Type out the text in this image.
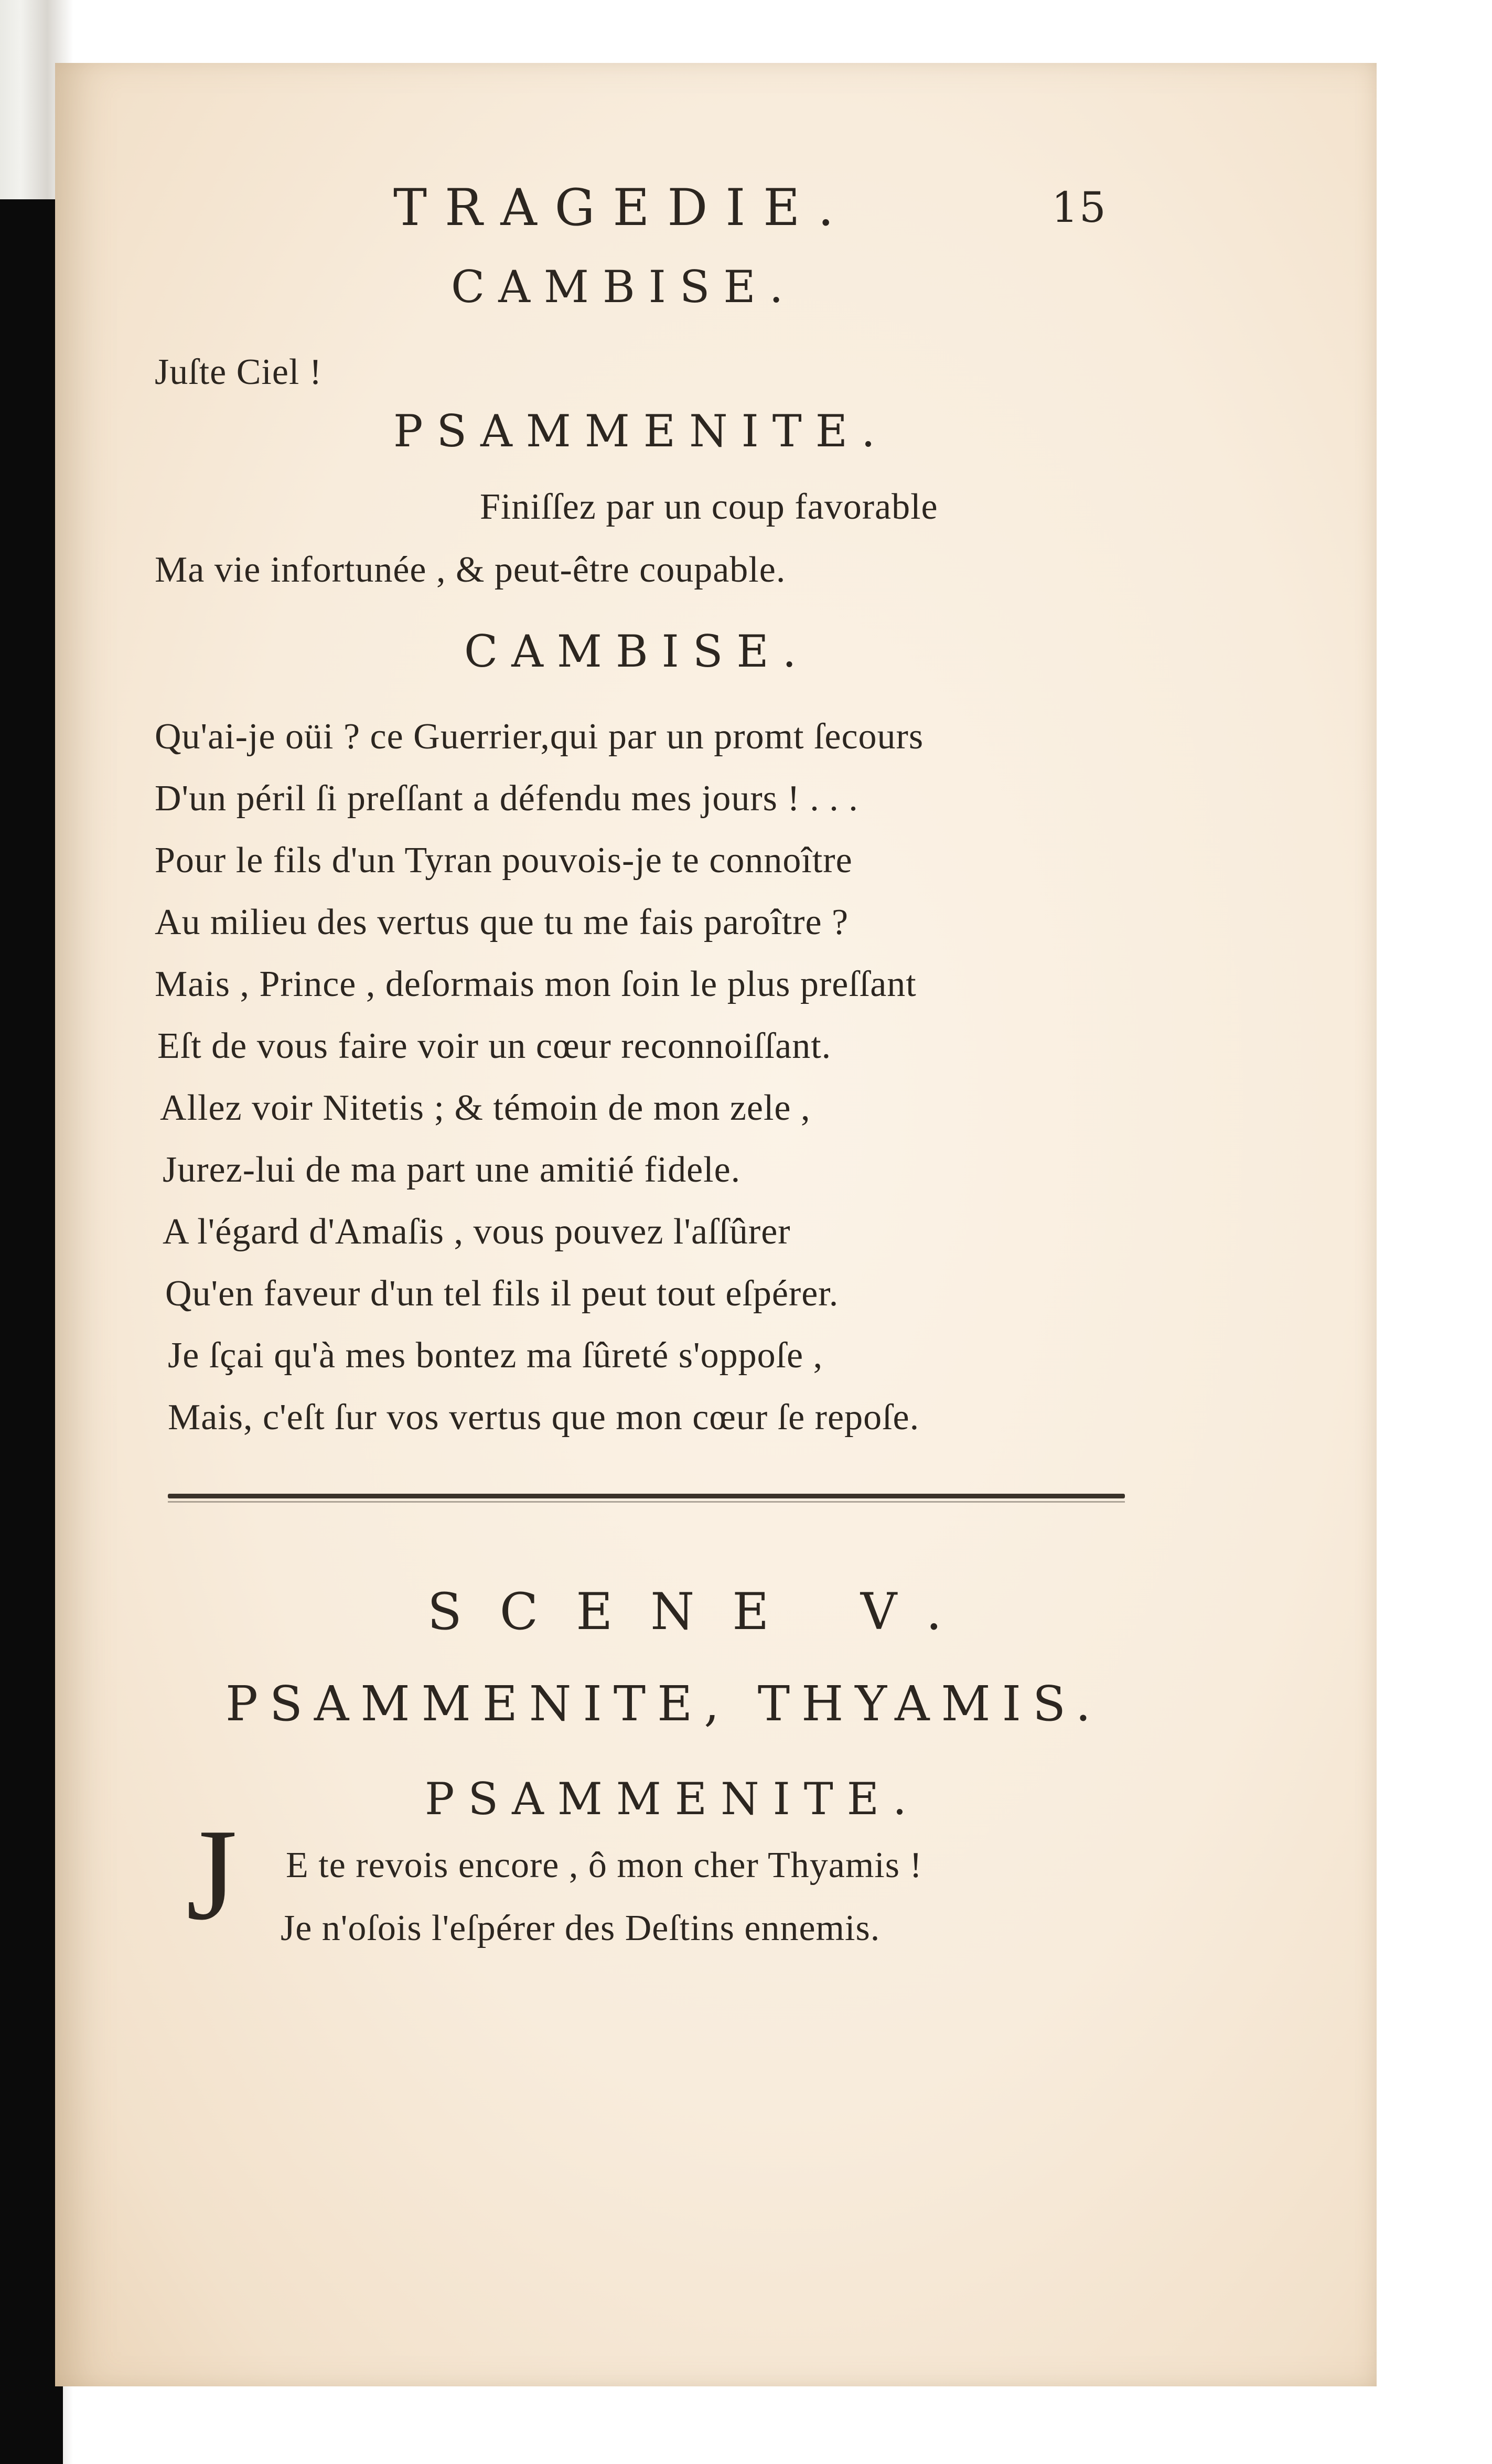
TRAGEDIE.	15
CAMBISE.
Juſte Ciel !
PSAMMENITE.
Finiſſez par un coup favorable
Ma vie infortunée , & peut-être coupable.
CAMBISE.
Qu'ai-je oüi ? ce Guerrier,qui par un promt ſecours
D'un péril ſi preſſant a défendu mes jours ! . . .
Pour le fils d'un Tyran pouvois-je te connoître
Au milieu des vertus que tu me fais paroître ?
Mais , Prince , deſormais mon ſoin le plus preſſant
Eſt de vous faire voir un cœur reconnoiſſant.
Allez voir Nitetis ; & témoin de mon zele ,
Jurez-lui de ma part une amitié fidele.
A l'égard d'Amaſis , vous pouvez l'aſſûrer
Qu'en faveur d'un tel fils il peut tout eſpérer.
Je ſçai qu'à mes bontez ma ſûreté s'oppoſe ,
Mais, c'eſt ſur vos vertus que mon cœur ſe repoſe.
SCENE V.
PSAMMENITE, THYAMIS.
PSAMMENITE.
J E te revois encore , ô mon cher Thyamis !
Je n'oſois l'eſpérer des Deſtins ennemis.
